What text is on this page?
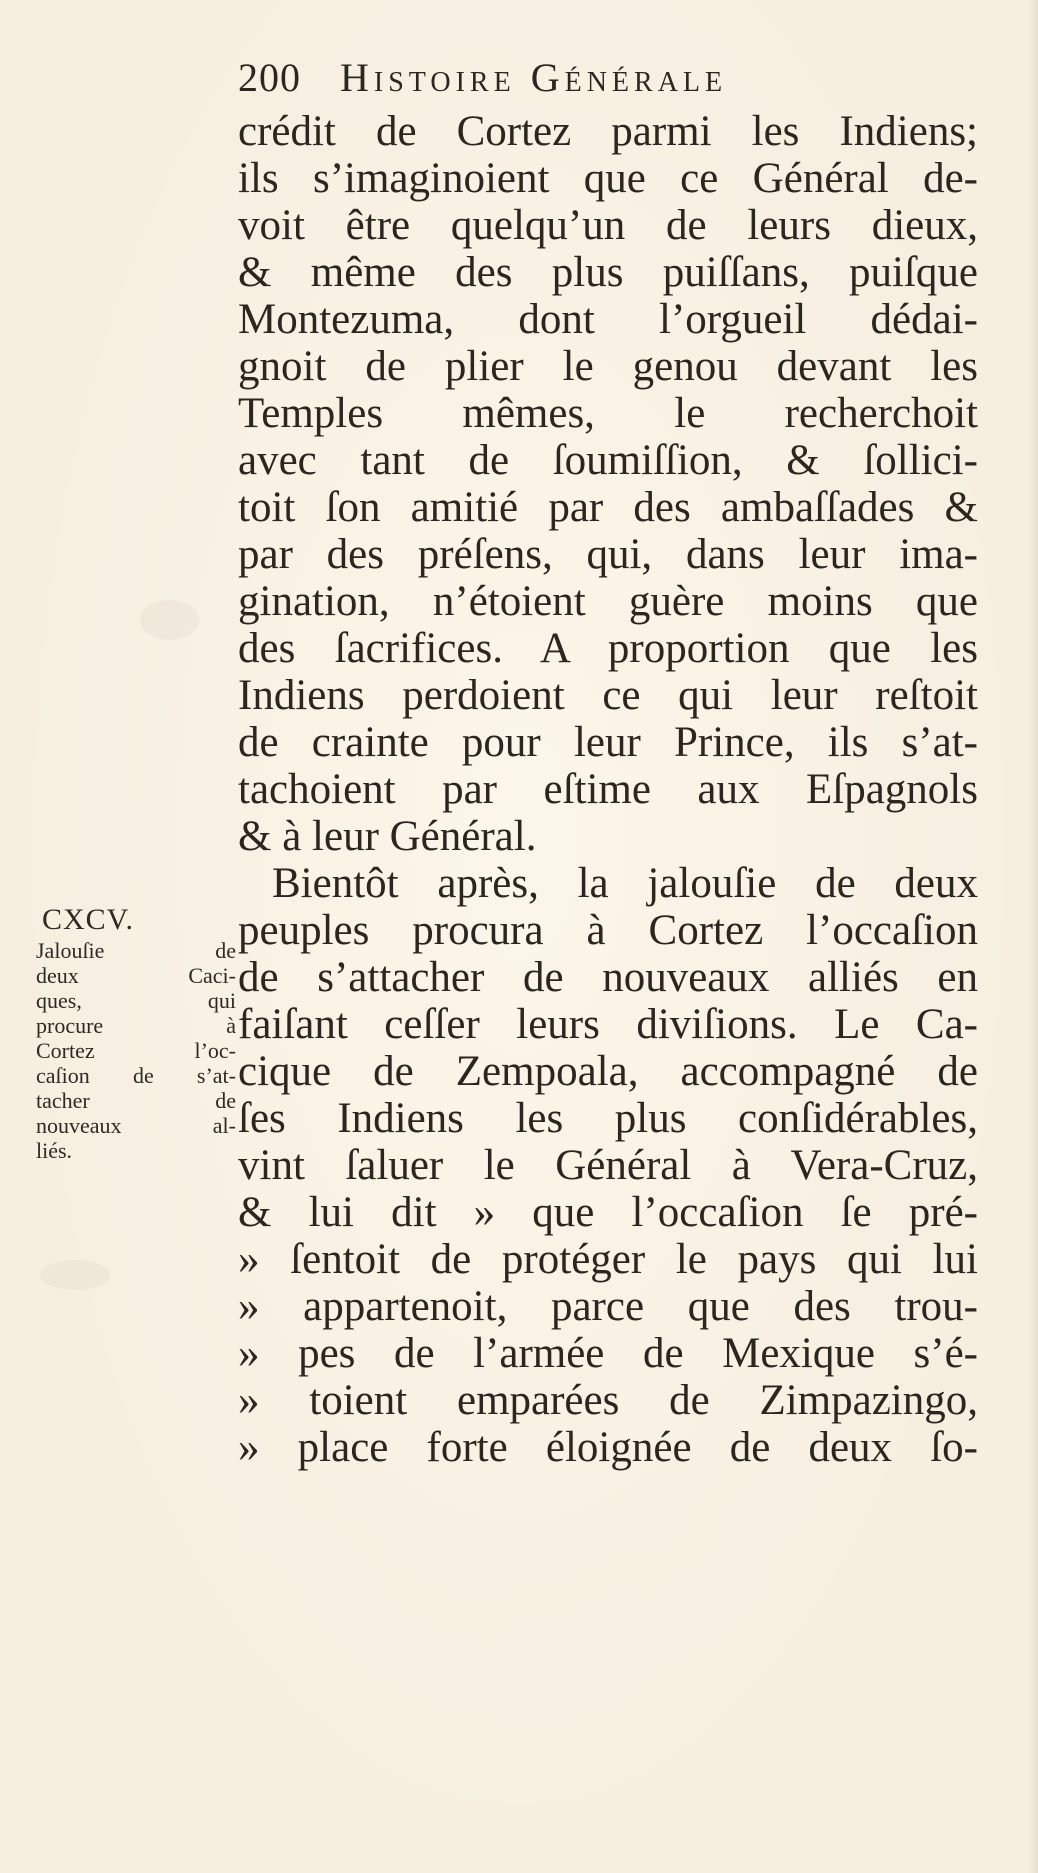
200 Histoire Générale
crédit de Cortez parmi les Indiens;
ils s’imaginoient que ce Général de-
voit être quelqu’un de leurs dieux,
& même des plus puiſſans, puiſque
Montezuma, dont l’orgueil dédai-
gnoit de plier le genou devant les
Temples mêmes, le recherchoit
avec tant de ſoumiſſion, & ſollici-
toit ſon amitié par des ambaſſades &
par des préſens, qui, dans leur ima-
gination, n’étoient guère moins que
des ſacrifices. A proportion que les
Indiens perdoient ce qui leur reſtoit
de crainte pour leur Prince, ils s’at-
tachoient par eſtime aux Eſpagnols
& à leur Général.
Bientôt après, la jalouſie de deux
peuples procura à Cortez l’occaſion
de s’attacher de nouveaux alliés en
faiſant ceſſer leurs diviſions. Le Ca-
cique de Zempoala, accompagné de
ſes Indiens les plus conſidérables,
vint ſaluer le Général à Vera-Cruz,
& lui dit » que l’occaſion ſe pré-
» ſentoit de protéger le pays qui lui
» appartenoit, parce que des trou-
» pes de l’armée de Mexique s’é-
» toient emparées de Zimpazingo,
» place forte éloignée de deux ſo-
CXCV.
Jalouſie de
deux Caci-
ques, qui
procure à
Cortez l’oc-
caſion de s’at-
tacher de
nouveaux al-
liés.
